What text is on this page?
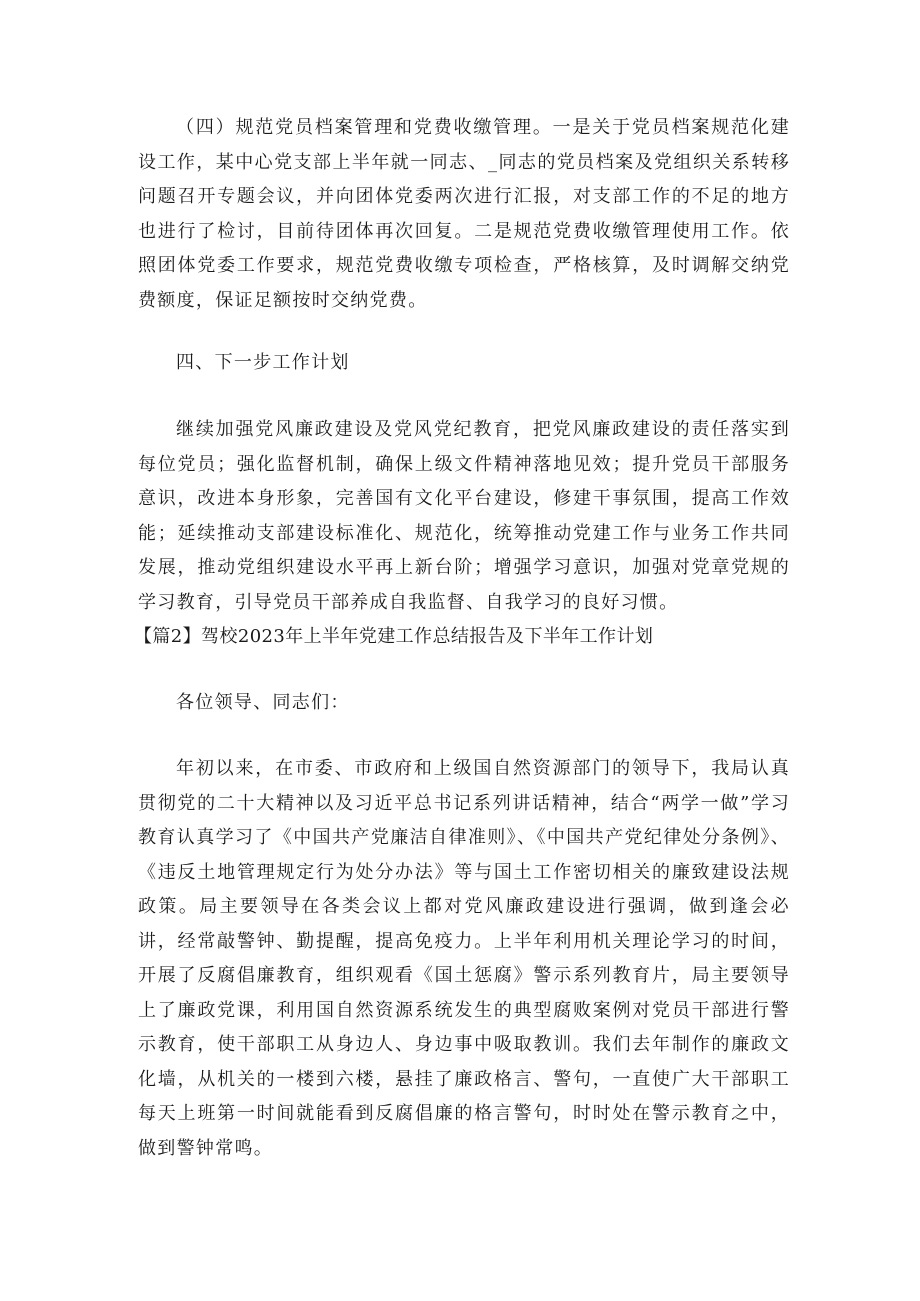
（四）规范党员档案管理和党费收缴管理。一是关于党员档案规范化建设工作，某中心党支部上半年就一同志、_同志的党员档案及党组织关系转移问题召开专题会议，并向团体党委两次进行汇报，对支部工作的不足的地方也进行了检讨，目前待团体再次回复。二是规范党费收缴管理使用工作。依照团体党委工作要求，规范党费收缴专项检查，严格核算，及时调解交纳党费额度，保证足额按时交纳党费。

四、下一步工作计划

继续加强党风廉政建设及党风党纪教育，把党风廉政建设的责任落实到每位党员；强化监督机制，确保上级文件精神落地见效；提升党员干部服务意识，改进本身形象，完善国有文化平台建设，修建干事氛围，提高工作效能；延续推动支部建设标准化、规范化，统筹推动党建工作与业务工作共同发展，推动党组织建设水平再上新台阶；增强学习意识，加强对党章党规的学习教育，引导党员干部养成自我监督、自我学习的良好习惯。

【篇2】驾校2023年上半年党建工作总结报告及下半年工作计划

各位领导、同志们：

年初以来，在市委、市政府和上级国自然资源部门的领导下，我局认真贯彻党的二十大精神以及习近平总书记系列讲话精神，结合“两学一做”学习教育认真学习了《中国共产党廉洁自律准则》、《中国共产党纪律处分条例》、《违反土地管理规定行为处分办法》等与国土工作密切相关的廉致建设法规政策。局主要领导在各类会议上都对党风廉政建设进行强调，做到逢会必讲，经常敲警钟、勤提醒，提高免疫力。上半年利用机关理论学习的时间，开展了反腐倡廉教育，组织观看《国土惩腐》警示系列教育片，局主要领导上了廉政党课，利用国自然资源系统发生的典型腐败案例对党员干部进行警示教育，使干部职工从身边人、身边事中吸取教训。我们去年制作的廉政文化墙，从机关的一楼到六楼，悬挂了廉政格言、警句，一直使广大干部职工每天上班第一时间就能看到反腐倡廉的格言警句，时时处在警示教育之中，做到警钟常鸣。
